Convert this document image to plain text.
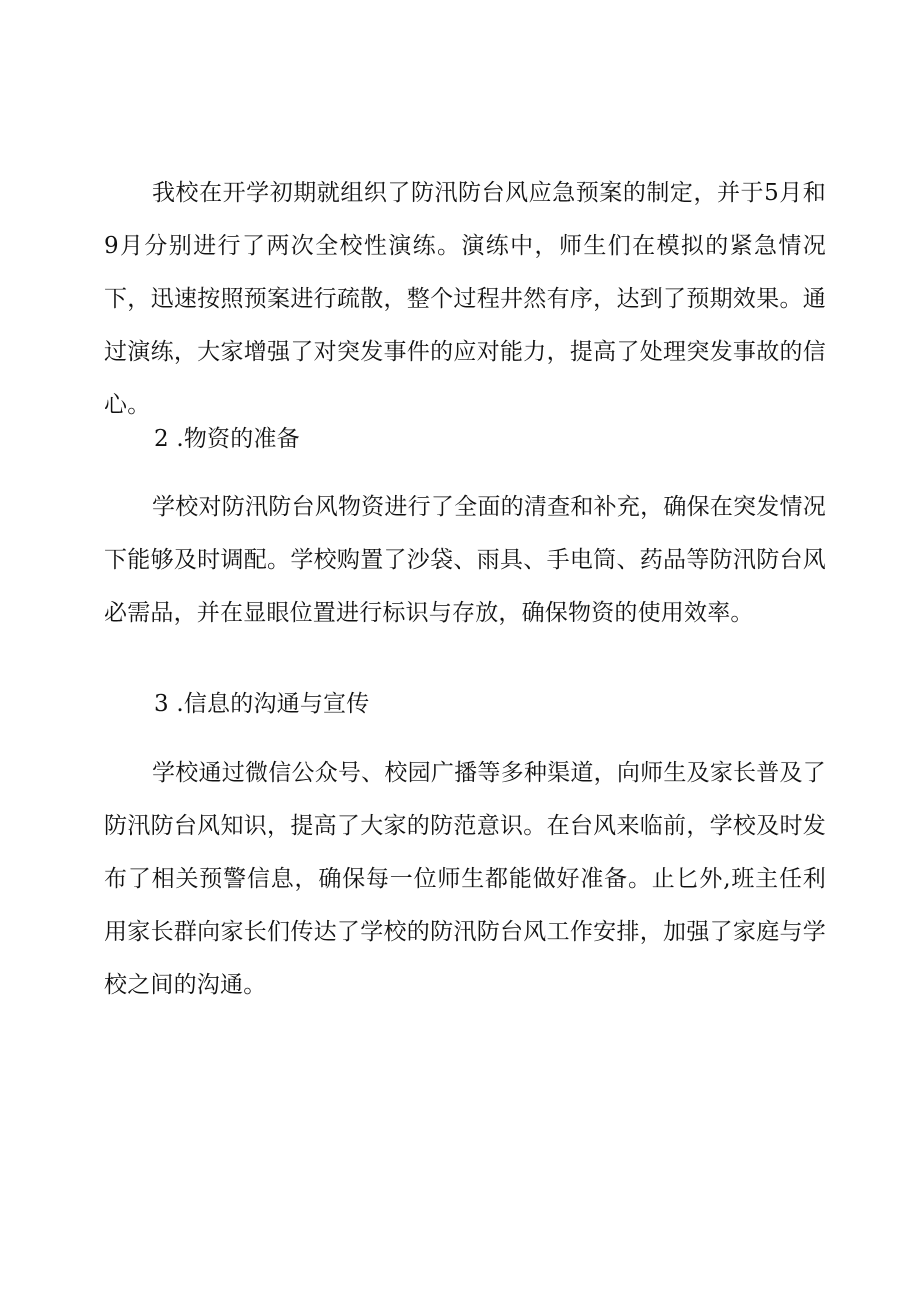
我校在开学初期就组织了防汛防台风应急预案的制定，并于5月和9月分别进行了两次全校性演练。演练中，师生们在模拟的紧急情况下，迅速按照预案进行疏散，整个过程井然有序，达到了预期效果。通过演练，大家增强了对突发事件的应对能力，提高了处理突发事故的信心。

2 .物资的准备

学校对防汛防台风物资进行了全面的清查和补充，确保在突发情况下能够及时调配。学校购置了沙袋、雨具、手电筒、药品等防汛防台风必需品，并在显眼位置进行标识与存放，确保物资的使用效率。

3 .信息的沟通与宣传

学校通过微信公众号、校园广播等多种渠道，向师生及家长普及了防汛防台风知识，提高了大家的防范意识。在台风来临前，学校及时发布了相关预警信息，确保每一位师生都能做好准备。止匕外,班主任利用家长群向家长们传达了学校的防汛防台风工作安排，加强了家庭与学校之间的沟通。
